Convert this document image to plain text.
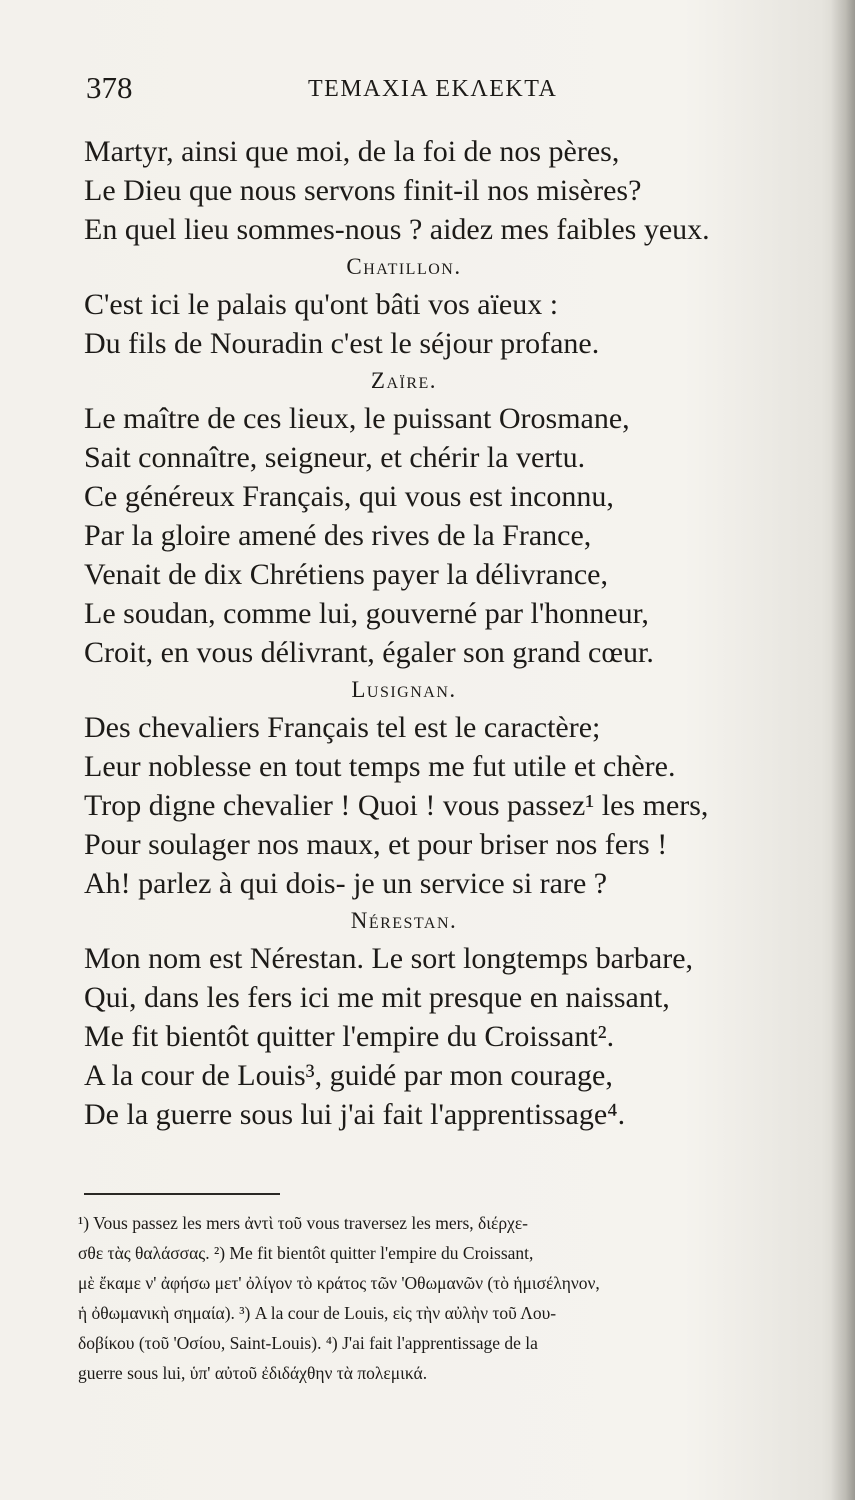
378	TEMAXIA EKΛEKTA
Martyr, ainsi que moi, de la foi de nos pères,
Le Dieu que nous servons finit-il nos misères?
En quel lieu sommes-nous ? aidez mes faibles yeux.
Chatillon.
C'est ici le palais qu'ont bâti vos aïeux :
Du fils de Nouradin c'est le séjour profane.
Zaïre.
Le maître de ces lieux, le puissant Orosmane,
Sait connaître, seigneur, et chérir la vertu.
Ce généreux Français, qui vous est inconnu,
Par la gloire amené des rives de la France,
Venait de dix Chrétiens payer la délivrance,
Le soudan, comme lui, gouverné par l'honneur,
Croit, en vous délivrant, égaler son grand cœur.
Lusignan.
Des chevaliers Français tel est le caractère;
Leur noblesse en tout temps me fut utile et chère.
Trop digne chevalier ! Quoi ! vous passez¹ les mers,
Pour soulager nos maux, et pour briser nos fers !
Ah! parlez à qui dois- je un service si rare ?
Nérestan.
Mon nom est Nérestan. Le sort longtemps barbare,
Qui, dans les fers ici me mit presque en naissant,
Me fit bientôt quitter l'empire du Croissant².
A la cour de Louis³, guidé par mon courage,
De la guerre sous lui j'ai fait l'apprentissage⁴.
¹) Vous passez les mers ἀντὶ τοῦ vous traversez les mers, διέρχε-
σθε τὰς θαλάσσας. ²) Me fit bientôt quitter l'empire du Croissant,
μὲ ἔκαμε ν' ἀφήσω μετ' ὀλίγον τὸ κράτος τῶν 'Οθωμανῶν (τὸ ἡμισέληνον,
ἡ ὀθωμανικὴ σημαία). ³) A la cour de Louis, εἰς τὴν αὐλὴν τοῦ Λου-
δοβίκου (τοῦ 'Οσίου, Saint-Louis). ⁴) J'ai fait l'apprentissage de la
guerre sous lui, ὑπ' αὐτοῦ ἐδιδάχθην τὰ πολεμικά.
